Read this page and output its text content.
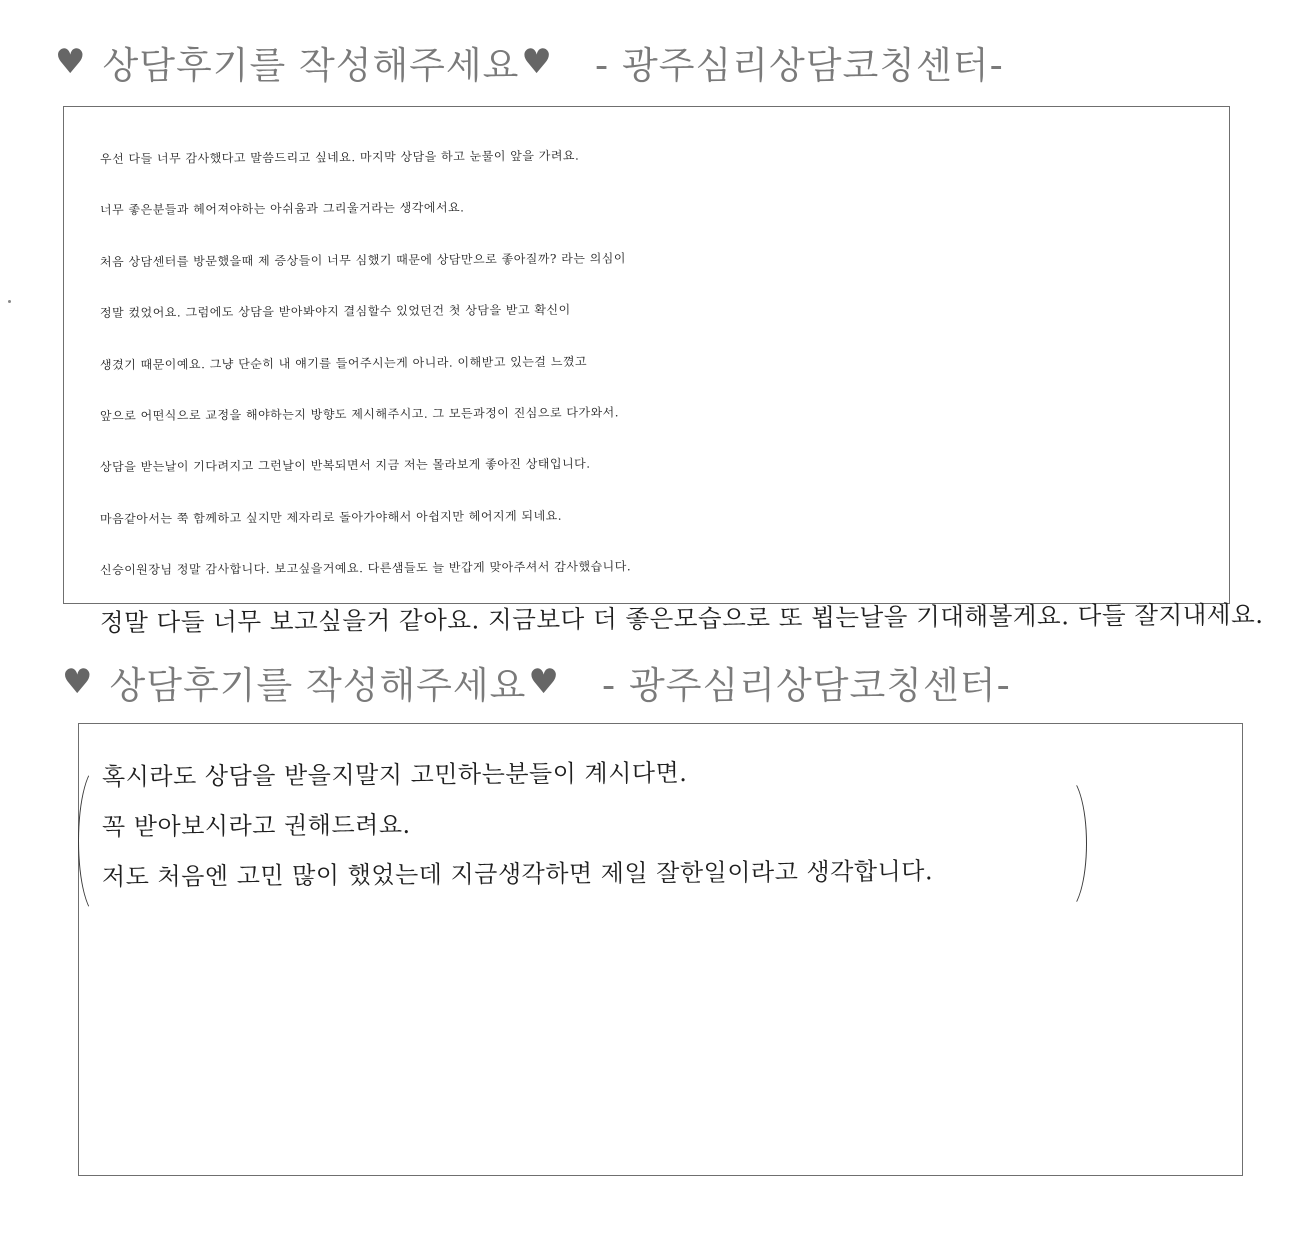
♥ 상담후기를 작성해주세요 ♥ - 광주심리상담코칭센터-
우선 다들 너무 감사했다고 말씀드리고 싶네요. 마지막 상담을 하고 눈물이 앞을 가려요.
너무 좋은분들과 헤어져야하는 아쉬움과 그리울거라는 생각에서요.
처음 상담센터를 방문했을때 제 증상들이 너무 심했기 때문에 상담만으로 좋아질까? 라는 의심이
정말 컸었어요. 그럼에도 상담을 받아봐야지 결심할수 있었던건 첫 상담을 받고 확신이
생겼기 때문이예요. 그냥 단순히 내 얘기를 들어주시는게 아니라. 이해받고 있는걸 느꼈고
앞으로 어떤식으로 교정을 해야하는지 방향도 제시해주시고. 그 모든과정이 진심으로 다가와서.
상담을 받는날이 기다려지고 그런날이 반복되면서 지금 저는 몰라보게 좋아진 상태입니다.
마음같아서는 쭉 함께하고 싶지만 제자리로 돌아가야해서 아쉽지만 헤어지게 되네요.
신승이원장님 정말 감사합니다. 보고싶을거예요. 다른샘들도 늘 반갑게 맞아주셔서 감사했습니다.
정말 다들 너무 보고싶을거 같아요. 지금보다 더 좋은모습으로 또 뵙는날을 기대해볼게요. 다들 잘지내세요.
♥ 상담후기를 작성해주세요 ♥ - 광주심리상담코칭센터-
혹시라도 상담을 받을지말지 고민하는분들이 계시다면.
꼭 받아보시라고 권해드려요.
저도 처음엔 고민 많이 했었는데 지금생각하면 제일 잘한일이라고 생각합니다.
